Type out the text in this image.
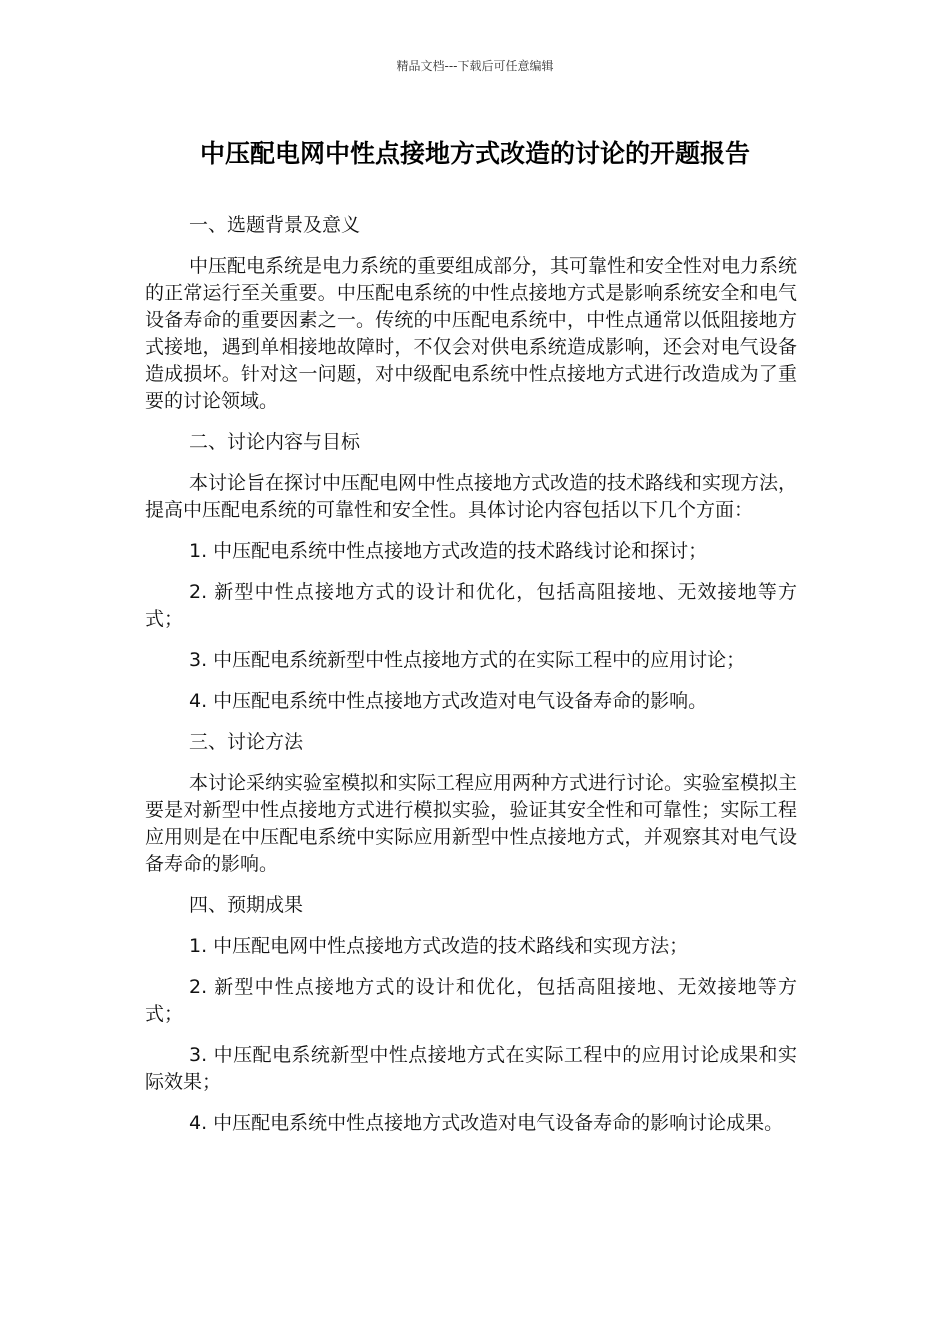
精品文档---下载后可任意编辑
中压配电网中性点接地方式改造的讨论的开题报告

一、选题背景及意义

中压配电系统是电力系统的重要组成部分，其可靠性和安全性对电力系统的正常运行至关重要。中压配电系统的中性点接地方式是影响系统安全和电气设备寿命的重要因素之一。传统的中压配电系统中，中性点通常以低阻接地方式接地，遇到单相接地故障时，不仅会对供电系统造成影响，还会对电气设备造成损坏。针对这一问题，对中级配电系统中性点接地方式进行改造成为了重要的讨论领域。

二、讨论内容与目标

本讨论旨在探讨中压配电网中性点接地方式改造的技术路线和实现方法，提高中压配电系统的可靠性和安全性。具体讨论内容包括以下几个方面：

1. 中压配电系统中性点接地方式改造的技术路线讨论和探讨；

2. 新型中性点接地方式的设计和优化，包括高阻接地、无效接地等方式；

3. 中压配电系统新型中性点接地方式的在实际工程中的应用讨论；

4. 中压配电系统中性点接地方式改造对电气设备寿命的影响。

三、讨论方法

本讨论采纳实验室模拟和实际工程应用两种方式进行讨论。实验室模拟主要是对新型中性点接地方式进行模拟实验，验证其安全性和可靠性；实际工程应用则是在中压配电系统中实际应用新型中性点接地方式，并观察其对电气设备寿命的影响。

四、预期成果

1. 中压配电网中性点接地方式改造的技术路线和实现方法；

2. 新型中性点接地方式的设计和优化，包括高阻接地、无效接地等方式；

3. 中压配电系统新型中性点接地方式在实际工程中的应用讨论成果和实际效果；

4. 中压配电系统中性点接地方式改造对电气设备寿命的影响讨论成果。
